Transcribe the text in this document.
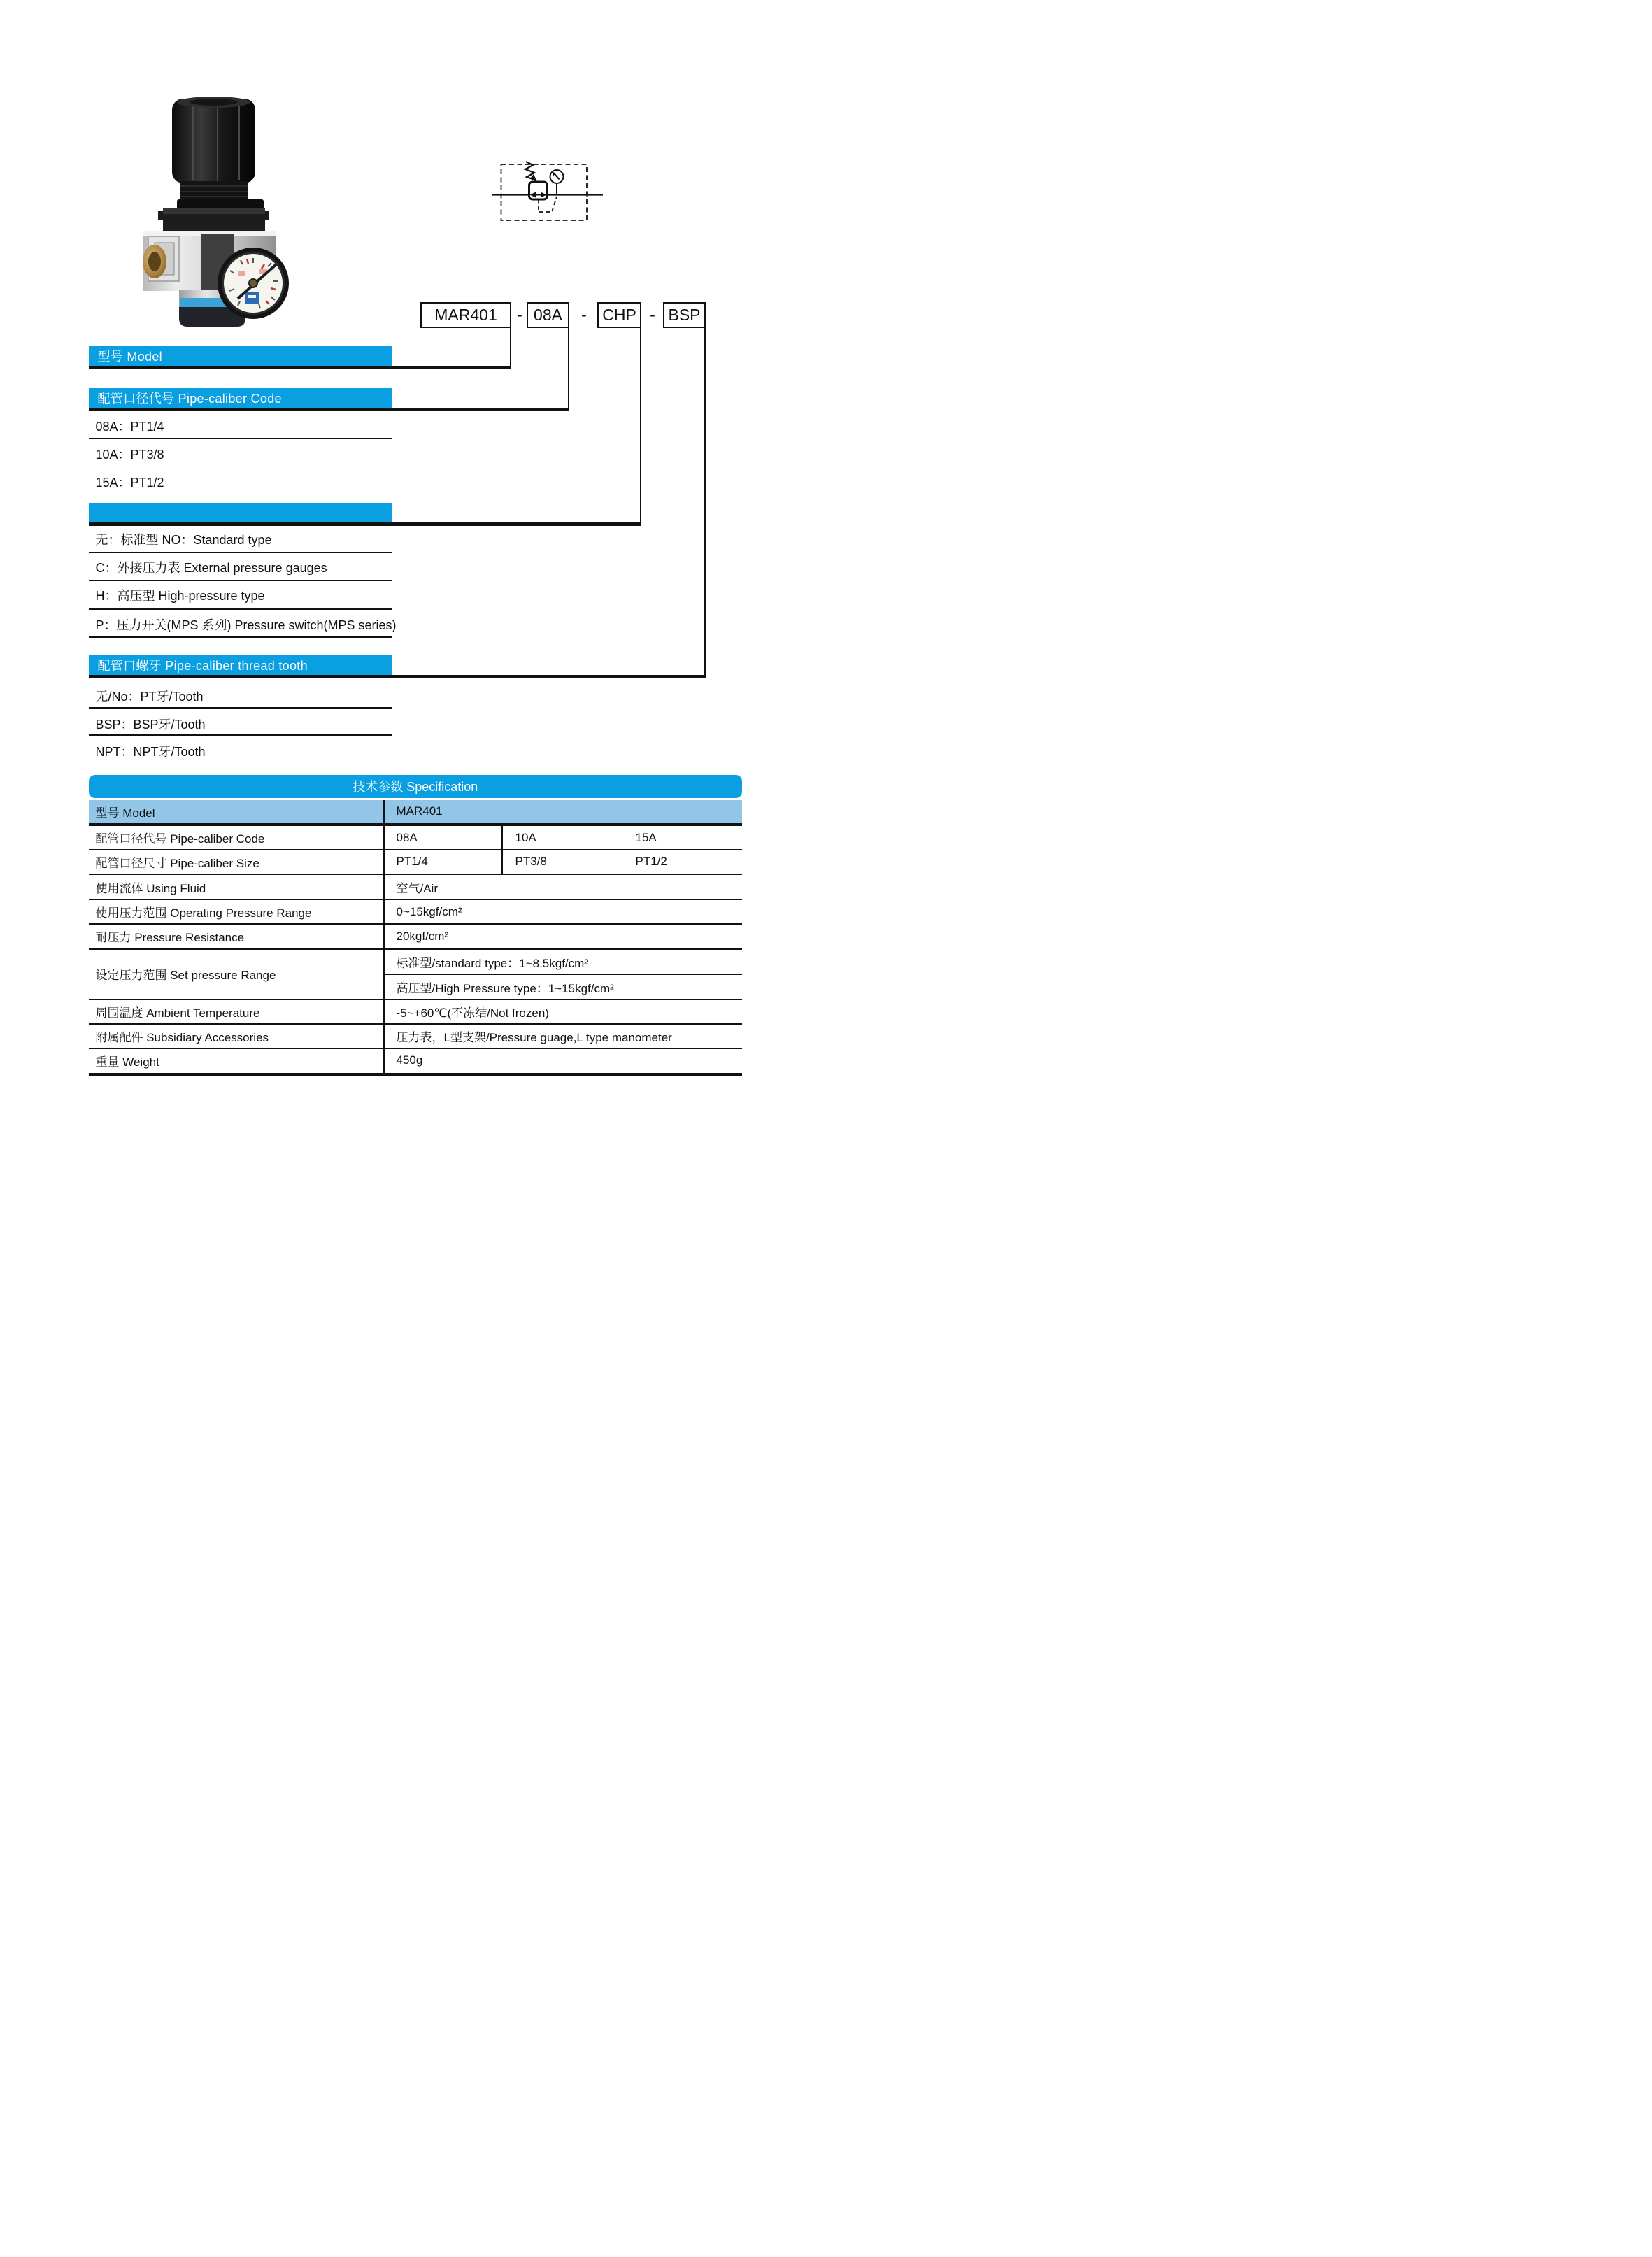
MAR401 - 08A - CHP - BSP
型号 Model
配管口径代号 Pipe-caliber Code
08A：PT1/4
10A：PT3/8
15A：PT1/2
无：标准型 NO：Standard type
C：外接压力表 External pressure gauges
H：高压型 High-pressure type
P：压力开关(MPS 系列) Pressure switch(MPS series)
配管口螺牙 Pipe-caliber thread tooth
无/No：PT牙/Tooth
BSP：BSP牙/Tooth
NPT：NPT牙/Tooth
技术参数 Specification
型号 Model	MAR401
配管口径代号 Pipe-caliber Code	08A	10A	15A
配管口径尺寸 Pipe-caliber Size	PT1/4	PT3/8	PT1/2
使用流体 Using Fluid	空气/Air
使用压力范围 Operating Pressure Range	0~15kgf/cm²
耐压力 Pressure Resistance	20kgf/cm²
设定压力范围 Set pressure Range
标准型/standard type：1~8.5kgf/cm²
高压型/High Pressure type：1~15kgf/cm²
周围温度 Ambient Temperature	-5~+60℃(不冻结/Not frozen)
附属配件 Subsidiary Accessories	压力表，L型支架/Pressure guage,L type manometer
重量 Weight	450g
